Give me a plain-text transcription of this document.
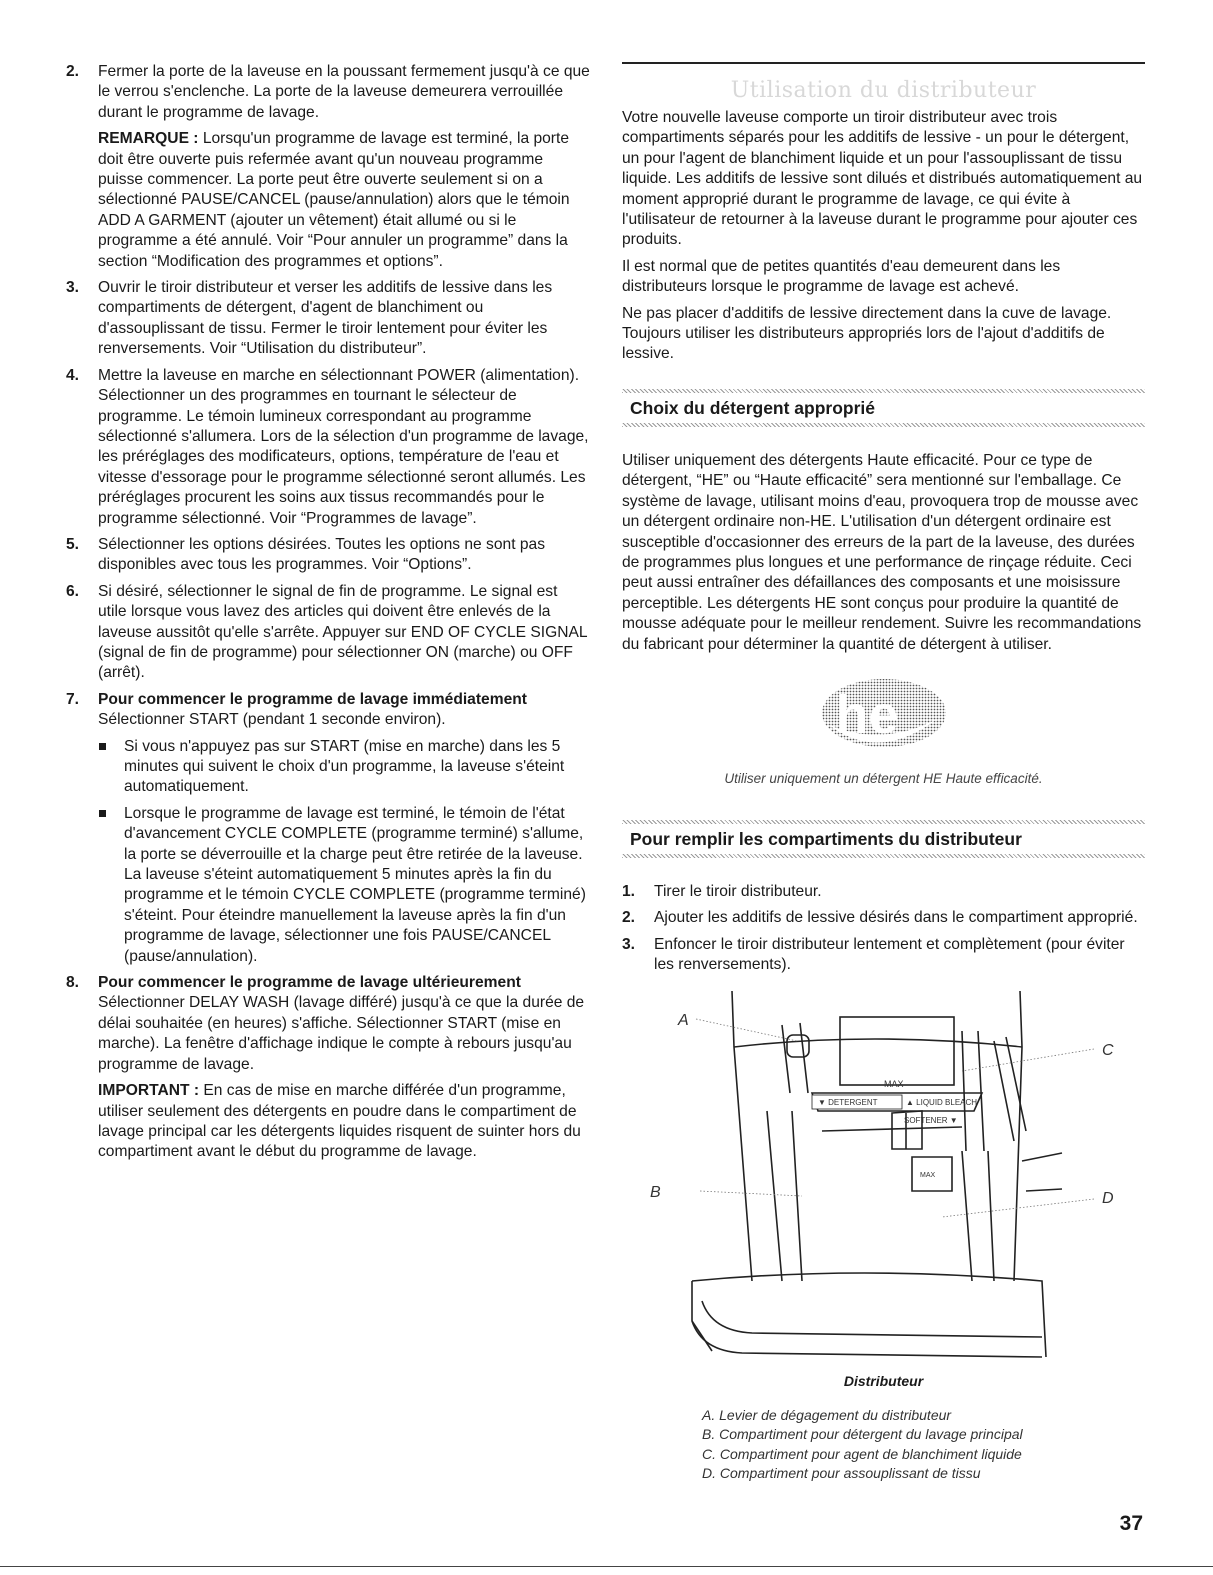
2. Fermer la porte de la laveuse en la poussant fermement jusqu'à ce que le verrou s'enclenche. La porte de la laveuse demeurera verrouillée durant le programme de lavage.

REMARQUE : Lorsqu'un programme de lavage est terminé, la porte doit être ouverte puis refermée avant qu'un nouveau programme puisse commencer. La porte peut être ouverte seulement si on a sélectionné PAUSE/CANCEL (pause/annulation) alors que le témoin ADD A GARMENT (ajouter un vêtement) était allumé ou si le programme a été annulé. Voir “Pour annuler un programme” dans la section “Modification des programmes et options”.

3. Ouvrir le tiroir distributeur et verser les additifs de lessive dans les compartiments de détergent, d'agent de blanchiment ou d'assouplissant de tissu. Fermer le tiroir lentement pour éviter les renversements. Voir “Utilisation du distributeur”.

4. Mettre la laveuse en marche en sélectionnant POWER (alimentation). Sélectionner un des programmes en tournant le sélecteur de programme. Le témoin lumineux correspondant au programme sélectionné s'allumera. Lors de la sélection d'un programme de lavage, les préréglages des modificateurs, options, température de l'eau et vitesse d'essorage pour le programme sélectionné seront allumés. Les préréglages procurent les soins aux tissus recommandés pour le programme sélectionné. Voir “Programmes de lavage”.

5. Sélectionner les options désirées. Toutes les options ne sont pas disponibles avec tous les programmes. Voir “Options”.

6. Si désiré, sélectionner le signal de fin de programme. Le signal est utile lorsque vous lavez des articles qui doivent être enlevés de la laveuse aussitôt qu'elle s'arrête. Appuyer sur END OF CYCLE SIGNAL (signal de fin de programme) pour sélectionner ON (marche) ou OFF (arrêt).

7. Pour commencer le programme de lavage immédiatement

Sélectionner START (pendant 1 seconde environ).

Si vous n'appuyez pas sur START (mise en marche) dans les 5 minutes qui suivent le choix d'un programme, la laveuse s'éteint automatiquement.
Lorsque le programme de lavage est terminé, le témoin de l'état d'avancement CYCLE COMPLETE (programme terminé) s'allume, la porte se déverrouille et la charge peut être retirée de la laveuse. La laveuse s'éteint automatiquement 5 minutes après la fin du programme et le témoin CYCLE COMPLETE (programme terminé) s'éteint. Pour éteindre manuellement la laveuse après la fin d'un programme de lavage, sélectionner une fois PAUSE/CANCEL (pause/annulation).
8. Pour commencer le programme de lavage ultérieurement

Sélectionner DELAY WASH (lavage différé) jusqu'à ce que la durée de délai souhaitée (en heures) s'affiche. Sélectionner START (mise en marche). La fenêtre d'affichage indique le compte à rebours jusqu'au programme de lavage.

IMPORTANT : En cas de mise en marche différée d'un programme, utiliser seulement des détergents en poudre dans le compartiment de lavage principal car les détergents liquides risquent de suinter hors du compartiment avant le début du programme de lavage.

Utilisation du distributeur

Votre nouvelle laveuse comporte un tiroir distributeur avec trois compartiments séparés pour les additifs de lessive - un pour le détergent, un pour l'agent de blanchiment liquide et un pour l'assouplissant de tissu liquide. Les additifs de lessive sont dilués et distribués automatiquement au moment approprié durant le programme de lavage, ce qui évite à l'utilisateur de retourner à la laveuse durant le programme pour ajouter ces produits.

Il est normal que de petites quantités d'eau demeurent dans les distributeurs lorsque le programme de lavage est achevé.

Ne pas placer d'additifs de lessive directement dans la cuve de lavage. Toujours utiliser les distributeurs appropriés lors de l'ajout d'additifs de lessive.

Choix du détergent approprié

Utiliser uniquement des détergents Haute efficacité. Pour ce type de détergent, “HE” ou “Haute efficacité” sera mentionné sur l'emballage. Ce système de lavage, utilisant moins d'eau, provoquera trop de mousse avec un détergent ordinaire non-HE. L'utilisation d'un détergent ordinaire est susceptible d'occasionner des erreurs de la part de la laveuse, des durées de programmes plus longues et une performance de rinçage réduite. Ceci peut aussi entraîner des défaillances des composants et une moisissure perceptible. Les détergents HE sont conçus pour produire la quantité de mousse adéquate pour le meilleur rendement. Suivre les recommandations du fabricant pour déterminer la quantité de détergent à utiliser.

he
Utiliser uniquement un détergent HE Haute efficacité.
Pour remplir les compartiments du distributeur
1. Tirer le tiroir distributeur.
2. Ajouter les additifs de lessive désirés dans le compartiment approprié.
3. Enfoncer le tiroir distributeur lentement et complètement (pour éviter les renversements).
MAX
▼ DETERGENT	▲ LIQUID BLEACH
SOFTENER ▼
MAX
A
B
C
D
Distributeur
A. Levier de dégagement du distributeur
B. Compartiment pour détergent du lavage principal
C. Compartiment pour agent de blanchiment liquide
D. Compartiment pour assouplissant de tissu
37
